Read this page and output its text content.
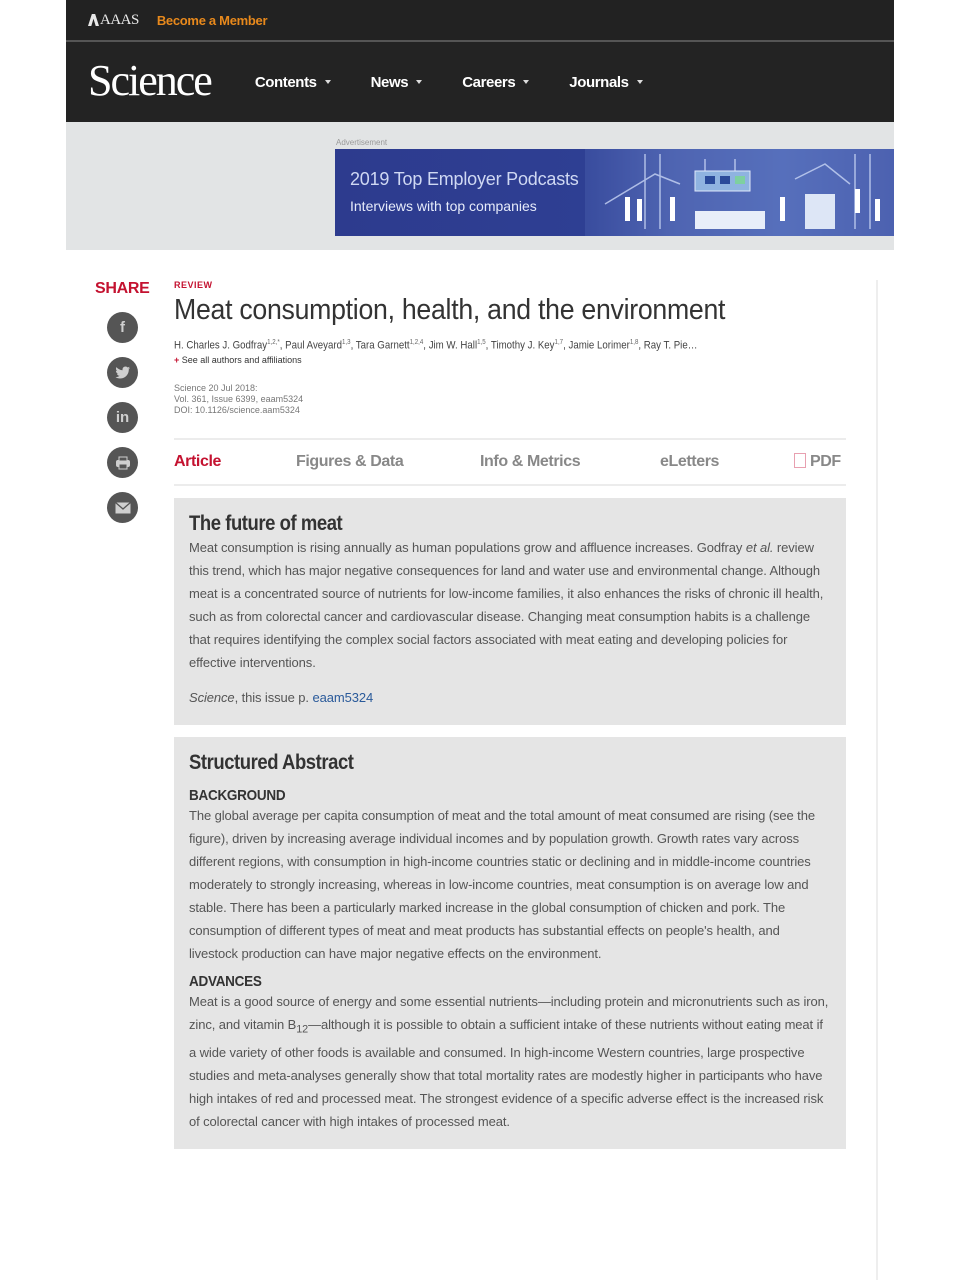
AAAS Become a Member
Science	Contents	News	Careers	Journals
Advertisement
2019 Top Employer Podcasts
Interviews with top companies
SHARE
f
in
REVIEW
Meat consumption, health, and the environment
H. Charles J. Godfray$^{1,2,*}$, Paul Aveyard$^{1,3}$, Tara Garnett$^{1,2,4}$, Jim W. Hall$^{1,5}$, Timothy J. Key$^{1,7}$, Jamie Lorimer$^{1,8}$, Ray T. Pie…
+ See all authors and affiliations
Science 20 Jul 2018:
Vol. 361, Issue 6399, eaam5324
DOI: 10.1126/science.aam5324
Article	Figures & Data	Info & Metrics	eLetters	PDF
The future of meat

Meat consumption is rising annually as human populations grow and affluence increases. Godfray et al. review this trend, which has major negative consequences for land and water use and environmental change. Although meat is a concentrated source of nutrients for low-income families, it also enhances the risks of chronic ill health, such as from colorectal cancer and cardiovascular disease. Changing meat consumption habits is a challenge that requires identifying the complex social factors associated with meat eating and developing policies for effective interventions.

Science, this issue p. eaam5324

Structured Abstract
BACKGROUND

The global average per capita consumption of meat and the total amount of meat consumed are rising (see the figure), driven by increasing average individual incomes and by population growth. Growth rates vary across different regions, with consumption in high-income countries static or declining and in middle-income countries moderately to strongly increasing, whereas in low-income countries, meat consumption is on average low and stable. There has been a particularly marked increase in the global consumption of chicken and pork. The consumption of different types of meat and meat products has substantial effects on people's health, and livestock production can have major negative effects on the environment.

ADVANCES

Meat is a good source of energy and some essential nutrients—including protein and micronutrients such as iron, zinc, and vitamin $B_{12}—although$ it is possible to obtain a sufficient intake of these nutrients without eating meat if a wide variety of other foods is available and consumed. In high-income Western countries, large prospective studies and meta-analyses generally show that total mortality rates are modestly higher in participants who have high intakes of red and processed meat. The strongest evidence of a specific adverse effect is the increased risk of colorectal cancer with high intakes of processed meat.
